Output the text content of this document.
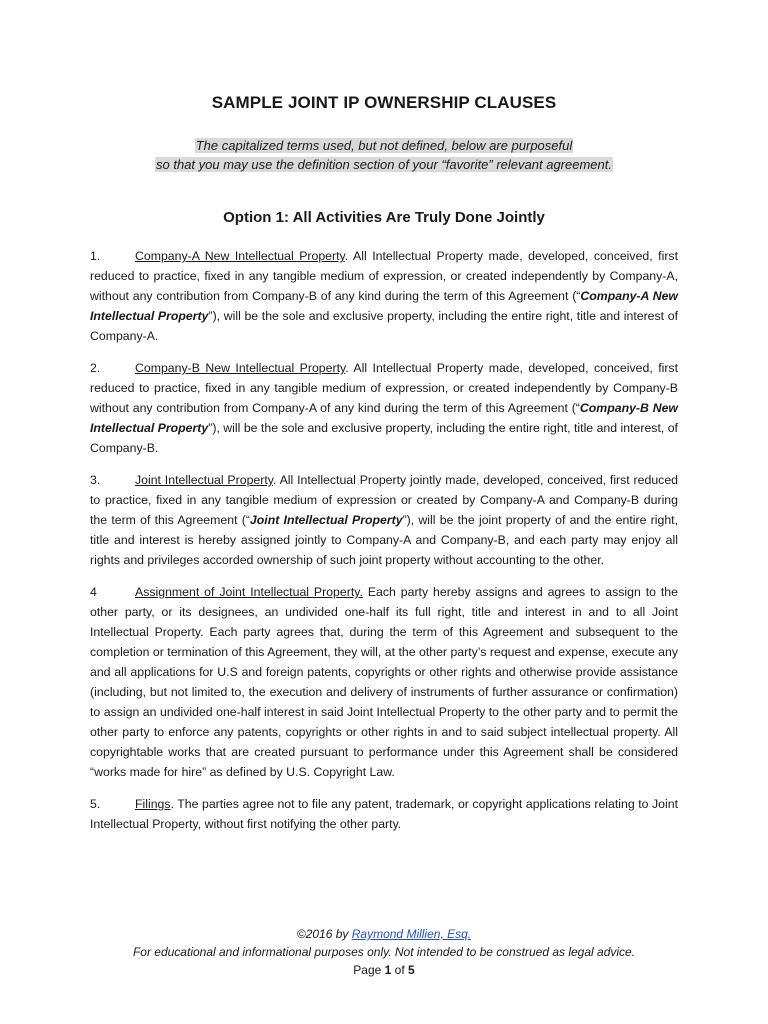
SAMPLE JOINT IP OWNERSHIP CLAUSES
The capitalized terms used, but not defined, below are purposeful
so that you may use the definition section of your “favorite” relevant agreement.
Option 1: All Activities Are Truly Done Jointly

1.	Company-A New Intellectual Property. All Intellectual Property made, developed, conceived, first reduced to practice, fixed in any tangible medium of expression, or created independently by Company-A, without any contribution from Company-B of any kind during the term of this Agreement (“Company-A New Intellectual Property”), will be the sole and exclusive property, including the entire right, title and interest of Company-A.

2.	Company-B New Intellectual Property. All Intellectual Property made, developed, conceived, first reduced to practice, fixed in any tangible medium of expression, or created independently by Company-B without any contribution from Company-A of any kind during the term of this Agreement (“Company-B New Intellectual Property”), will be the sole and exclusive property, including the entire right, title and interest, of Company-B.

3.	Joint Intellectual Property. All Intellectual Property jointly made, developed, conceived, first reduced to practice, fixed in any tangible medium of expression or created by Company-A and Company-B during the term of this Agreement (“Joint Intellectual Property”), will be the joint property of and the entire right, title and interest is hereby assigned jointly to Company-A and Company-B, and each party may enjoy all rights and privileges accorded ownership of such joint property without accounting to the other.

4	Assignment of Joint Intellectual Property. Each party hereby assigns and agrees to assign to the other party, or its designees, an undivided one-half its full right, title and interest in and to all Joint Intellectual Property. Each party agrees that, during the term of this Agreement and subsequent to the completion or termination of this Agreement, they will, at the other party’s request and expense, execute any and all applications for U.S and foreign patents, copyrights or other rights and otherwise provide assistance (including, but not limited to, the execution and delivery of instruments of further assurance or confirmation) to assign an undivided one-half interest in said Joint Intellectual Property to the other party and to permit the other party to enforce any patents, copyrights or other rights in and to said subject intellectual property. All copyrightable works that are created pursuant to performance under this Agreement shall be considered “works made for hire” as defined by U.S. Copyright Law.

5.	Filings. The parties agree not to file any patent, trademark, or copyright applications relating to Joint Intellectual Property, without first notifying the other party.

©2016 by Raymond Millien, Esq.
For educational and informational purposes only. Not intended to be construed as legal advice.
Page 1 of 5
